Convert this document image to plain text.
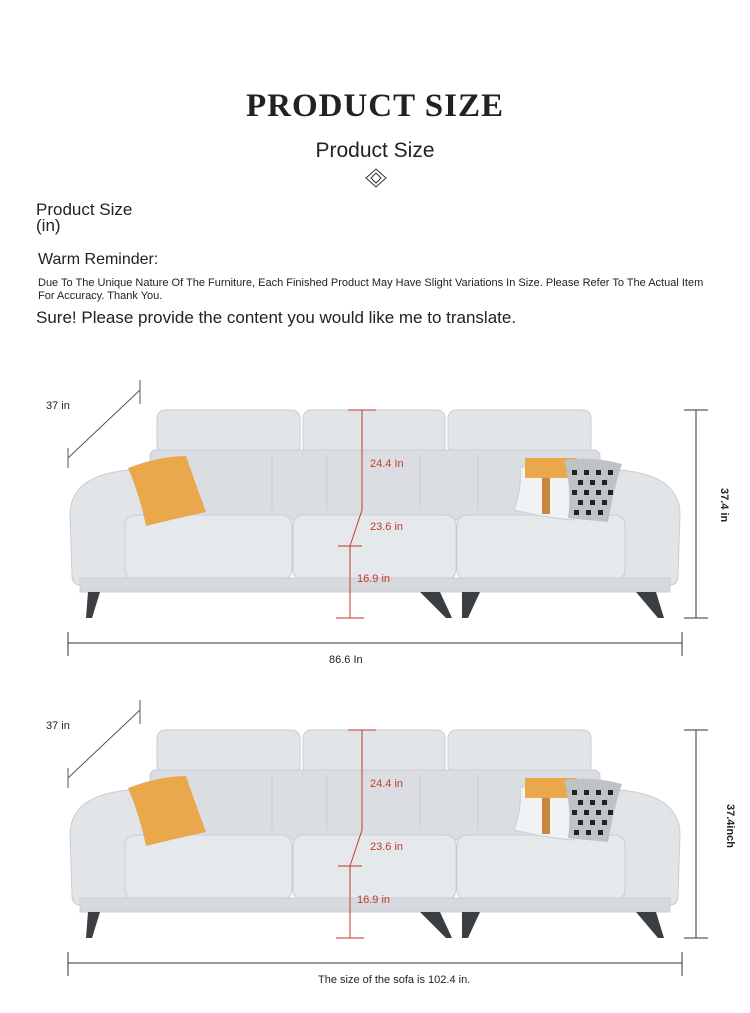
PRODUCT SIZE
Product Size
Product Size
(in)
Warm Reminder:
Due To The Unique Nature Of The Furniture, Each Finished Product May Have Slight Variations In Size. Please Refer To The Actual Item For Accuracy. Thank You.
Sure! Please provide the content you would like me to translate.
37 in
24.4 In
23.6 in
16.9 in
37.4 in
86.6 In
37 in
24.4 in
23.6 in
16.9 in
37.4inch
The size of the sofa is 102.4 in.
